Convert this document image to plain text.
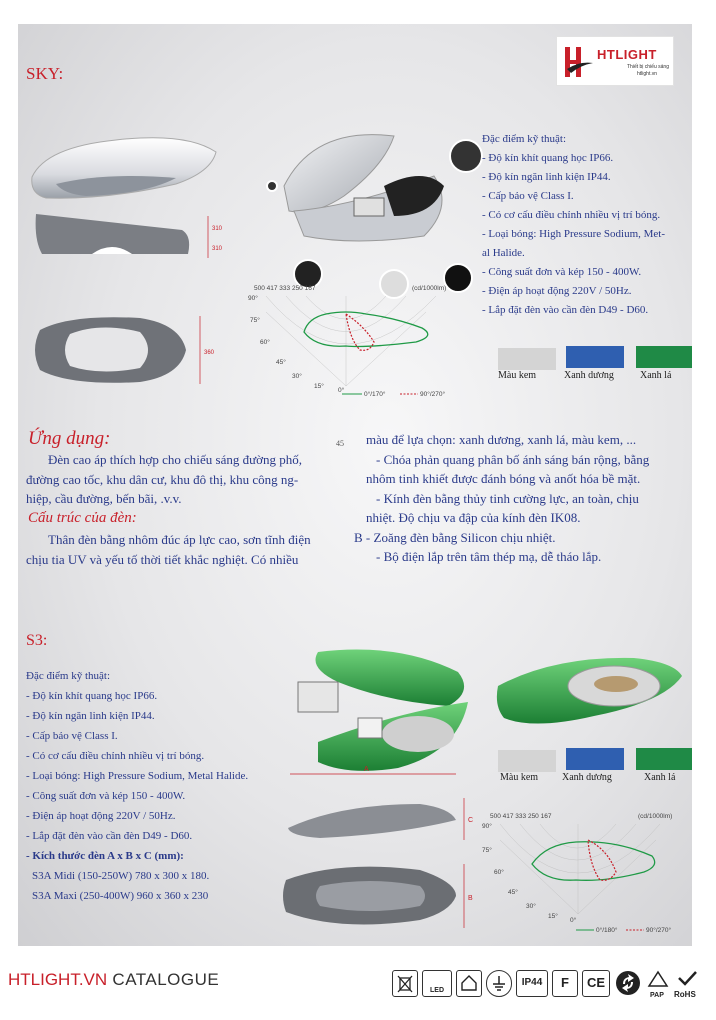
SKY:
HTLIGHT
Thiết bị chiếu sáng
htlight.vn
310
310
360
500 417 333 250 167	(cd/1000lm)
90°
75°
60°
45°
30°
15°
0°
0°/170°	90°/270°
Đặc điểm kỹ thuật:
- Độ kín khít quang học IP66.
- Độ kín ngăn linh kiện IP44.
- Cấp bảo vệ Class I.
- Có cơ cấu điều chỉnh nhiều vị trí bóng.
- Loại bóng: High Pressure Sodium, Met-
al Halide.
- Công suất đơn và kép 150 - 400W.
- Điện áp hoạt động 220V / 50Hz.
- Lắp đặt đèn vào cần đèn D49 - D60.
Màu kem	Xanh dương	Xanh lá
Ứng dụng:
Đèn cao áp thích hợp cho chiếu sáng đường phố,
đường cao tốc, khu dân cư, khu đô thị, khu công ng-
hiệp, cầu đường, bến bãi, .v.v.
Cấu trúc của đèn:
Thân đèn bằng nhôm đúc áp lực cao, sơn tĩnh điện
chịu tia UV và yếu tố thời tiết khắc nghiệt. Có nhiều
45 màu để lựa chọn: xanh dương, xanh lá, màu kem, ...
- Chóa phản quang phân bố ánh sáng bán rộng, bằng
nhôm tinh khiết được đánh bóng và anốt hóa bề mặt.
- Kính đèn bằng thủy tinh cường lực, an toàn, chịu
nhiệt. Độ chịu va đập của kính đèn IK08.
B - Zoăng đèn bằng Silicon chịu nhiệt.
- Bộ điện lắp trên tâm thép mạ, dễ tháo lắp.
S3:
Đặc điểm kỹ thuật:
- Độ kín khít quang học IP66.
- Độ kín ngăn linh kiện IP44.
- Cấp bảo vệ Class I.
- Có cơ cấu điều chỉnh nhiều vị trí bóng.
- Loại bóng: High Pressure Sodium, Metal Halide.
- Công suất đơn và kép 150 - 400W.
- Điện áp hoạt động 220V / 50Hz.
- Lắp đặt đèn vào cần đèn D49 - D60.
- Kích thước đèn A x B x C (mm):
S3A Midi (150-250W) 780 x 300 x 180.
S3A Maxi (250-400W) 960 x 360 x 230
A
C
B
Màu kem Xanh dương	Xanh lá
500 417 333 250 167	(cd/1000lm)
90°
75°
60°
45°
30°
15°
0°
0°/180°	90°/270°
HTLIGHT.VN CATALOGUE
LED
IP44	F	CE
PAP RoHS
